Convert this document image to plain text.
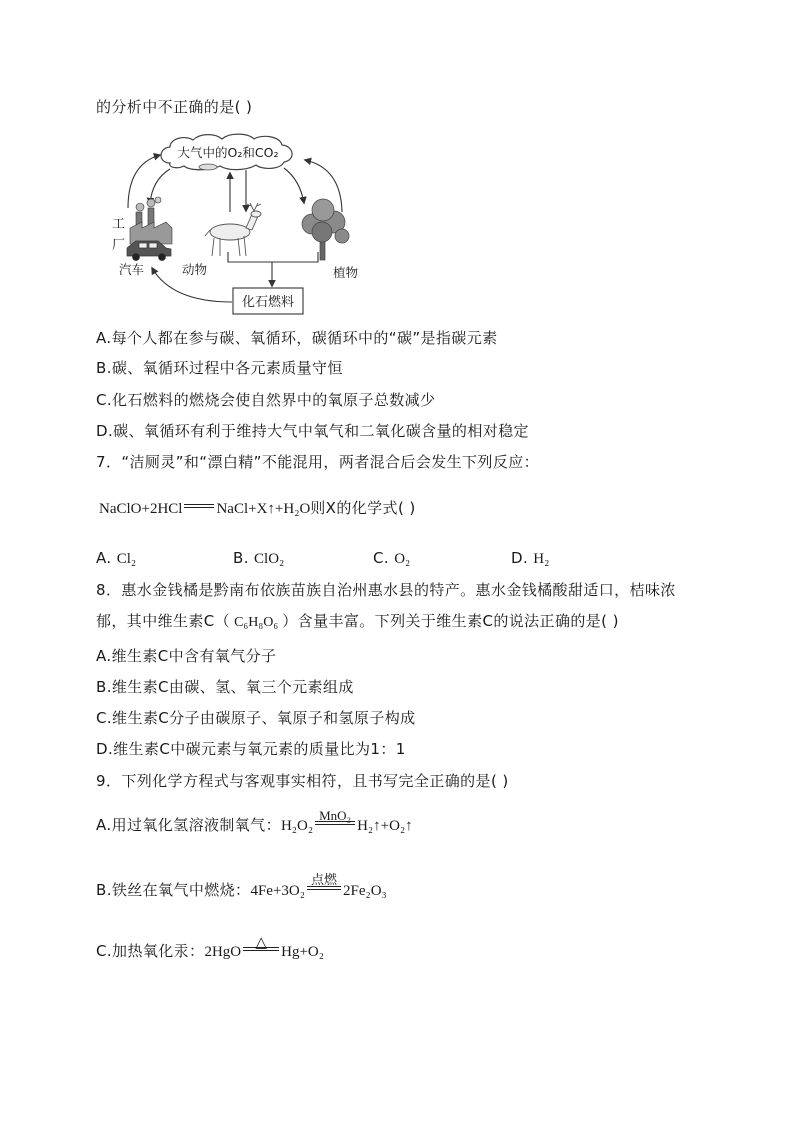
的分析中不正确的是( )
大气中的O₂和CO₂
化石燃料
工
厂
汽车	动物	植物
A.每个人都在参与碳、氧循环，碳循环中的“碳”是指碳元素
B.碳、氧循环过程中各元素质量守恒
C.化石燃料的燃烧会使自然界中的氧原子总数减少
D.碳、氧循环有利于维持大气中氧气和二氧化碳含量的相对稳定
7．“洁厕灵”和“漂白精”不能混用，两者混合后会发生下列反应：
NaClO+2HCl NaCl+X↑+H₂O则X的化学式( )
A. Cl₂	B. ClO₂	C. O₂	D. H₂
8．惠水金钱橘是黔南布依族苗族自治州惠水县的特产。惠水金钱橘酸甜适口，桔味浓
郁，其中维生素C（ C₆H₈O₆ ）含量丰富。下列关于维生素C的说法正确的是( )
A.维生素C中含有氧气分子
B.维生素C由碳、氢、氧三个元素组成
C.维生素C分子由碳原子、氧原子和氢原子构成
D.维生素C中碳元素与氧元素的质量比为1：1
9．下列化学方程式与客观事实相符，且书写完全正确的是( )
A.用过氧化氢溶液制氧气：H₂O₂
MnO₂
H₂↑+O₂↑
B.铁丝在氧气中燃烧：4Fe+3O₂
点燃
2Fe₂O₃
C.加热氧化汞：2HgO
△
Hg+O₂
